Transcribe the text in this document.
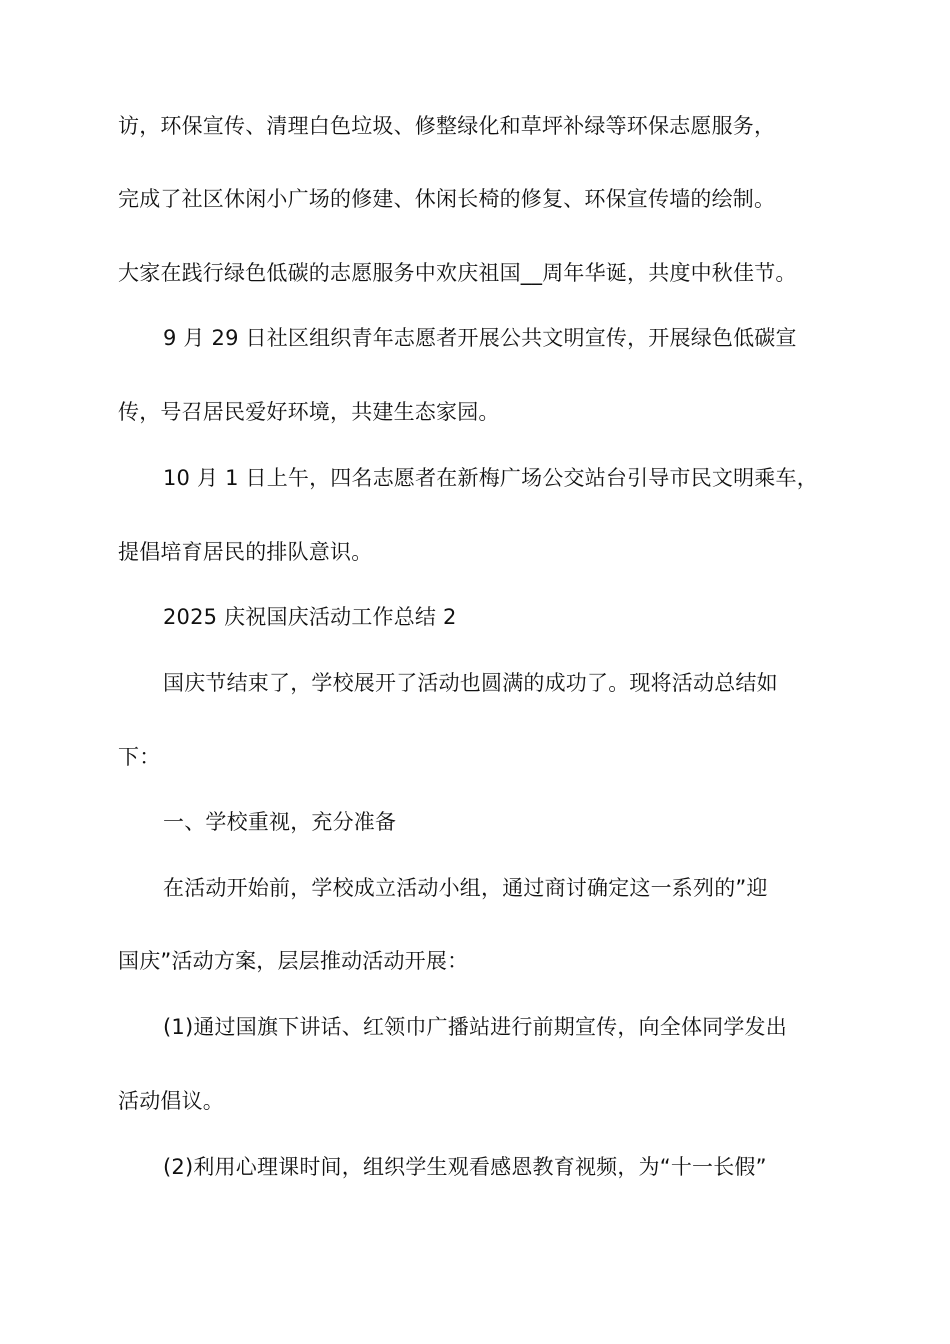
访，环保宣传、清理白色垃圾、修整绿化和草坪补绿等环保志愿服务，
完成了社区休闲小广场的修建、休闲长椅的修复、环保宣传墙的绘制。
大家在践行绿色低碳的志愿服务中欢庆祖国__周年华诞，共度中秋佳节。
9 月 29 日社区组织青年志愿者开展公共文明宣传，开展绿色低碳宣
传，号召居民爱好环境，共建生态家园。
10 月 1 日上午，四名志愿者在新梅广场公交站台引导市民文明乘车，
提倡培育居民的排队意识。
2025 庆祝国庆活动工作总结 2
国庆节结束了，学校展开了活动也圆满的成功了。现将活动总结如
下：
一、学校重视，充分准备
在活动开始前，学校成立活动小组，通过商讨确定这一系列的”迎
国庆”活动方案，层层推动活动开展：
(1)通过国旗下讲话、红领巾广播站进行前期宣传，向全体同学发出
活动倡议。
(2)利用心理课时间，组织学生观看感恩教育视频，为“十一长假”
